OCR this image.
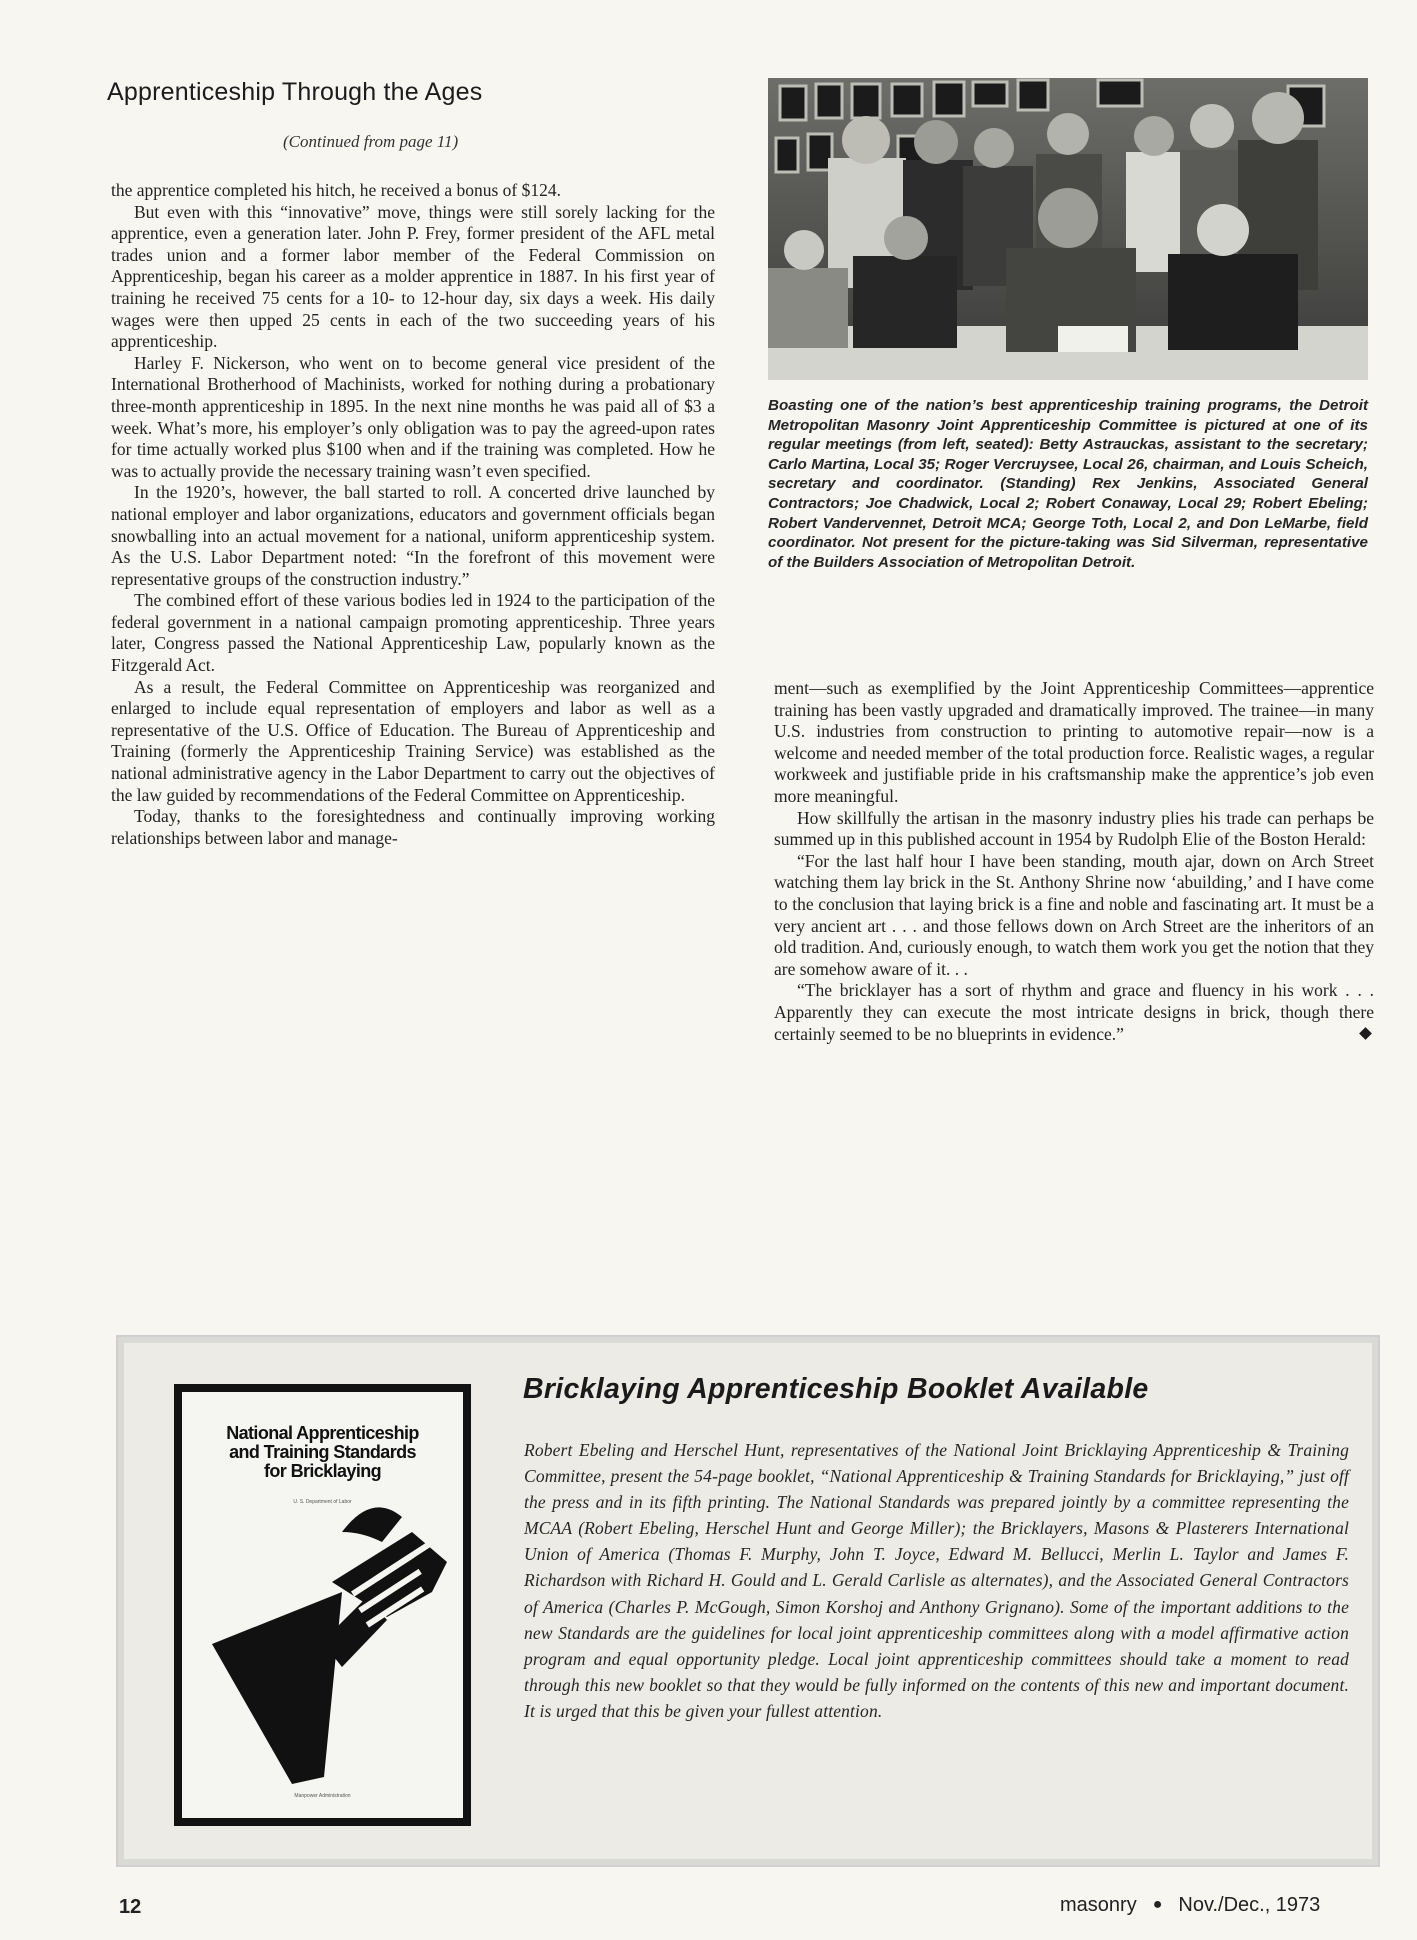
Apprenticeship Through the Ages
(Continued from page 11)

the apprentice completed his hitch, he received a bonus of $124.

But even with this “innovative” move, things were still sorely lacking for the apprentice, even a generation later. John P. Frey, former president of the AFL metal trades union and a former labor member of the Federal Commission on Apprenticeship, began his career as a molder apprentice in 1887. In his first year of training he received 75 cents for a 10- to 12-hour day, six days a week. His daily wages were then upped 25 cents in each of the two succeeding years of his apprenticeship.

Harley F. Nickerson, who went on to become general vice president of the International Brotherhood of Machinists, worked for nothing during a probationary three-month apprenticeship in 1895. In the next nine months he was paid all of $3 a week. What’s more, his employer’s only obligation was to pay the agreed-upon rates for time actually worked plus $100 when and if the training was completed. How he was to actually provide the necessary training wasn’t even specified.

In the 1920’s, however, the ball started to roll. A concerted drive launched by national employer and labor organizations, educators and government officials began snowballing into an actual movement for a national, uniform apprenticeship system. As the U.S. Labor Department noted: “In the forefront of this movement were representative groups of the construction industry.”

The combined effort of these various bodies led in 1924 to the participation of the federal government in a national campaign promoting apprenticeship. Three years later, Congress passed the National Apprenticeship Law, popularly known as the Fitzgerald Act.

As a result, the Federal Committee on Apprenticeship was reorganized and enlarged to include equal representation of employers and labor as well as a representative of the U.S. Office of Education. The Bureau of Apprenticeship and Training (formerly the Apprenticeship Training Service) was established as the national administrative agency in the Labor Department to carry out the objectives of the law guided by recommendations of the Federal Committee on Apprenticeship.

Today, thanks to the foresightedness and continually improving working relationships between labor and manage-

Boasting one of the nation’s best apprenticeship training programs, the Detroit Metropolitan Masonry Joint Apprenticeship Committee is pictured at one of its regular meetings (from left, seated): Betty Astrauckas, assistant to the secretary; Carlo Martina, Local 35; Roger Vercruysee, Local 26, chairman, and Louis Scheich, secretary and coordinator. (Standing) Rex Jenkins, Associated General Contractors; Joe Chadwick, Local 2; Robert Conaway, Local 29; Robert Ebeling; Robert Vandervennet, Detroit MCA; George Toth, Local 2, and Don LeMarbe, field coordinator. Not present for the picture-taking was Sid Silverman, representative of the Builders Association of Metropolitan Detroit.

ment—such as exemplified by the Joint Apprenticeship Committees—apprentice training has been vastly upgraded and dramatically improved. The trainee—in many U.S. industries from construction to printing to automotive repair—now is a welcome and needed member of the total production force. Realistic wages, a regular workweek and justifiable pride in his craftsmanship make the apprentice’s job even more meaningful.

How skillfully the artisan in the masonry industry plies his trade can perhaps be summed up in this published account in 1954 by Rudolph Elie of the Boston Herald:

“For the last half hour I have been standing, mouth ajar, down on Arch Street watching them lay brick in the St. Anthony Shrine now ‘abuilding,’ and I have come to the conclusion that laying brick is a fine and noble and fascinating art. It must be a very ancient art . . . and those fellows down on Arch Street are the inheritors of an old tradition. And, curiously enough, to watch them work you get the notion that they are somehow aware of it. . .

“The bricklayer has a sort of rhythm and grace and fluency in his work . . . Apparently they can execute the most intricate designs in brick, though there certainly seemed to be no blueprints in evidence.”

National Apprenticeship
and Training Standards
for Bricklaying
U. S. Department of Labor
Manpower Administration
Bricklaying Apprenticeship Booklet Available
Robert Ebeling and Herschel Hunt, representatives of the National Joint Bricklaying Apprenticeship & Training Committee, present the 54-page booklet, “National Apprenticeship & Training Standards for Bricklaying,” just off the press and in its fifth printing. The National Standards was prepared jointly by a committee representing the MCAA (Robert Ebeling, Herschel Hunt and George Miller); the Bricklayers, Masons & Plasterers International Union of America (Thomas F. Murphy, John T. Joyce, Edward M. Bellucci, Merlin L. Taylor and James F. Richardson with Richard H. Gould and L. Gerald Carlisle as alternates), and the Associated General Contractors of America (Charles P. McGough, Simon Korshoj and Anthony Grignano). Some of the important additions to the new Standards are the guidelines for local joint apprenticeship committees along with a model affirmative action program and equal opportunity pledge. Local joint apprenticeship committees should take a moment to read through this new booklet so that they would be fully informed on the contents of this new and important document. It is urged that this be given your fullest attention.
12	masonry ● Nov./Dec., 1973
